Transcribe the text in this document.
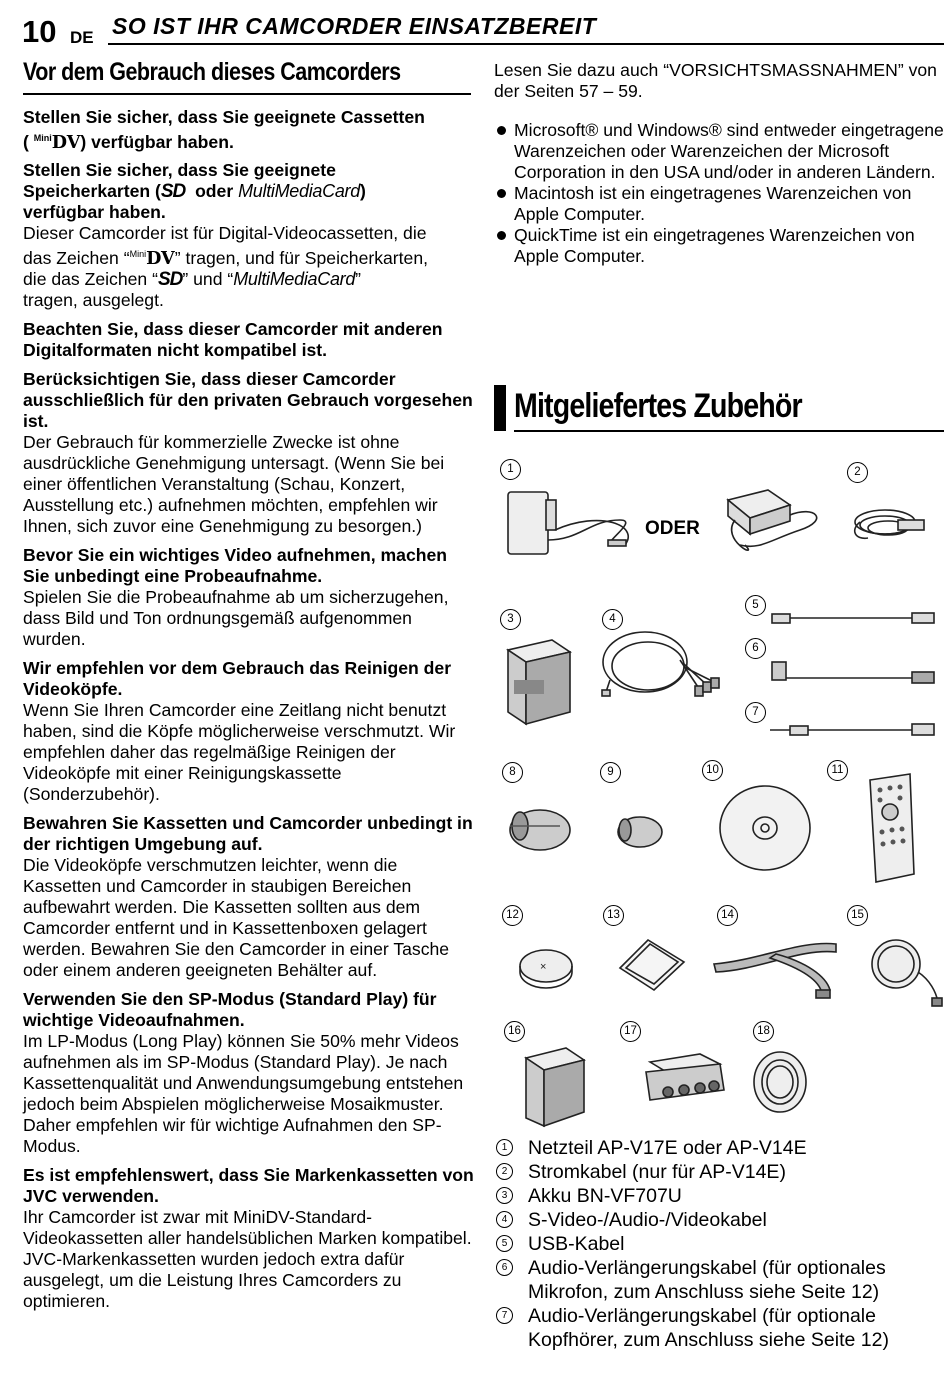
10 DE SO IST IHR CAMCORDER EINSATZBEREIT
Vor dem Gebrauch dieses Camcorders
Stellen Sie sicher, dass Sie geeignete Cassetten
( $^{Mini}$DV) verfügbar haben.
Stellen Sie sicher, dass Sie geeignete
Speicherkarten (SD oder MultiMediaCard)
verfügbar haben.
Dieser Camcorder ist für Digital-Videocassetten, die
das Zeichen “$^{Mini}$DV” tragen, und für Speicherkarten,
die das Zeichen “SD” und “MultiMediaCard”
tragen, ausgelegt.
Beachten Sie, dass dieser Camcorder mit anderen Digitalformaten nicht kompatibel ist.
Berücksichtigen Sie, dass dieser Camcorder ausschließlich für den privaten Gebrauch vorgesehen ist.
Der Gebrauch für kommerzielle Zwecke ist ohne ausdrückliche Genehmigung untersagt. (Wenn Sie bei einer öffentlichen Veranstaltung (Schau, Konzert, Ausstellung etc.) aufnehmen möchten, empfehlen wir Ihnen, sich zuvor eine Genehmigung zu besorgen.)
Bevor Sie ein wichtiges Video aufnehmen, machen Sie unbedingt eine Probeaufnahme.
Spielen Sie die Probeaufnahme ab um sicherzugehen, dass Bild und Ton ordnungsgemäß aufgenommen wurden.
Wir empfehlen vor dem Gebrauch das Reinigen der Videoköpfe.
Wenn Sie Ihren Camcorder eine Zeitlang nicht benutzt haben, sind die Köpfe möglicherweise verschmutzt. Wir empfehlen daher das regelmäßige Reinigen der Videoköpfe mit einer Reinigungskassette (Sonderzubehör).
Bewahren Sie Kassetten und Camcorder unbedingt in der richtigen Umgebung auf.
Die Videoköpfe verschmutzen leichter, wenn die Kassetten und Camcorder in staubigen Bereichen aufbewahrt werden. Die Kassetten sollten aus dem Camcorder entfernt und in Kassettenboxen gelagert werden. Bewahren Sie den Camcorder in einer Tasche oder einem anderen geeigneten Behälter auf.
Verwenden Sie den SP-Modus (Standard Play) für wichtige Videoaufnahmen.
Im LP-Modus (Long Play) können Sie 50% mehr Videos aufnehmen als im SP-Modus (Standard Play). Je nach Kassettenqualität und Anwendungsumgebung entstehen jedoch beim Abspielen möglicherweise Mosaikmuster.
Daher empfehlen wir für wichtige Aufnahmen den SP-Modus.
Es ist empfehlenswert, dass Sie Markenkassetten von JVC verwenden.
Ihr Camcorder ist zwar mit MiniDV-Standard-Videokassetten aller handelsüblichen Marken kompatibel. JVC-Markenkassetten wurden jedoch extra dafür ausgelegt, um die Leistung Ihres Camcorders zu optimieren.
Lesen Sie dazu auch “VORSICHTSMASSNAHMEN” von der Seiten 57 – 59.
Microsoft® und Windows® sind entweder eingetragene Warenzeichen oder Warenzeichen der Microsoft Corporation in den USA und/oder in anderen Ländern.
Macintosh ist ein eingetragenes Warenzeichen von Apple Computer.
QuickTime ist ein eingetragenes Warenzeichen von Apple Computer.
Mitgeliefertes Zubehör
×
ODER
1	2
3	4
5
6
7
8	9	10	11
12	13	14	15
16	17	18
1 Netzteil AP-V17E oder AP-V14E
2 Stromkabel (nur für AP-V14E)
3 Akku BN-VF707U
4 S-Video-/Audio-/Videokabel
5 USB-Kabel
6 Audio-Verlängerungskabel (für optionales Mikrofon, zum Anschluss siehe Seite 12)
7 Audio-Verlängerungskabel (für optionale Kopfhörer, zum Anschluss siehe Seite 12)
